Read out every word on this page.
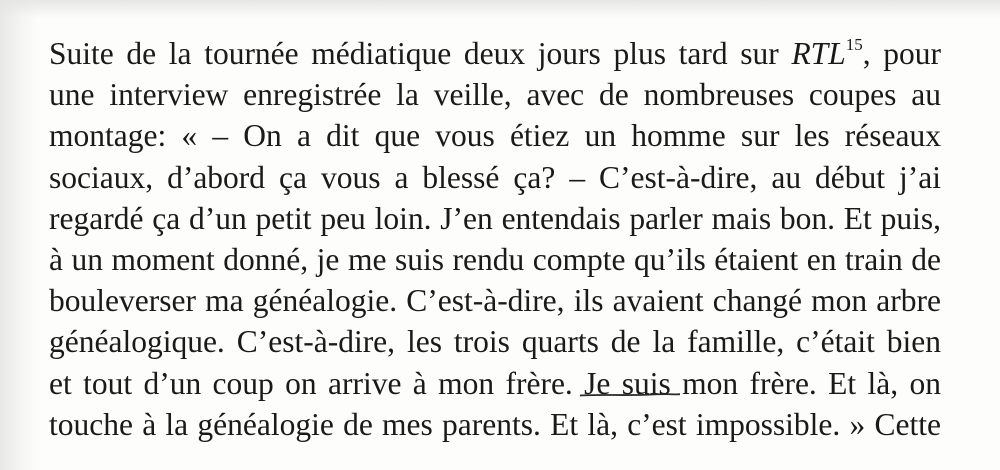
Suite de la tournée médiatique deux jours plus tard sur RTL$^{15}$, pour
une interview enregistrée la veille, avec de nombreuses coupes au
montage: « – On a dit que vous étiez un homme sur les réseaux
sociaux, d’abord ça vous a blessé ça? – C’est-à-dire, au début j’ai
regardé ça d’un petit peu loin. J’en entendais parler mais bon. Et puis,
à un moment donné, je me suis rendu compte qu’ils étaient en train de
bouleverser ma généalogie. C’est-à-dire, ils avaient changé mon arbre
généalogique. C’est-à-dire, les trois quarts de la famille, c’était bien
et tout d’un coup on arrive à mon frère. Je suis mon frère.
Et là, on
touche à la généalogie de mes parents. Et là, c’est impossible. » Cette
